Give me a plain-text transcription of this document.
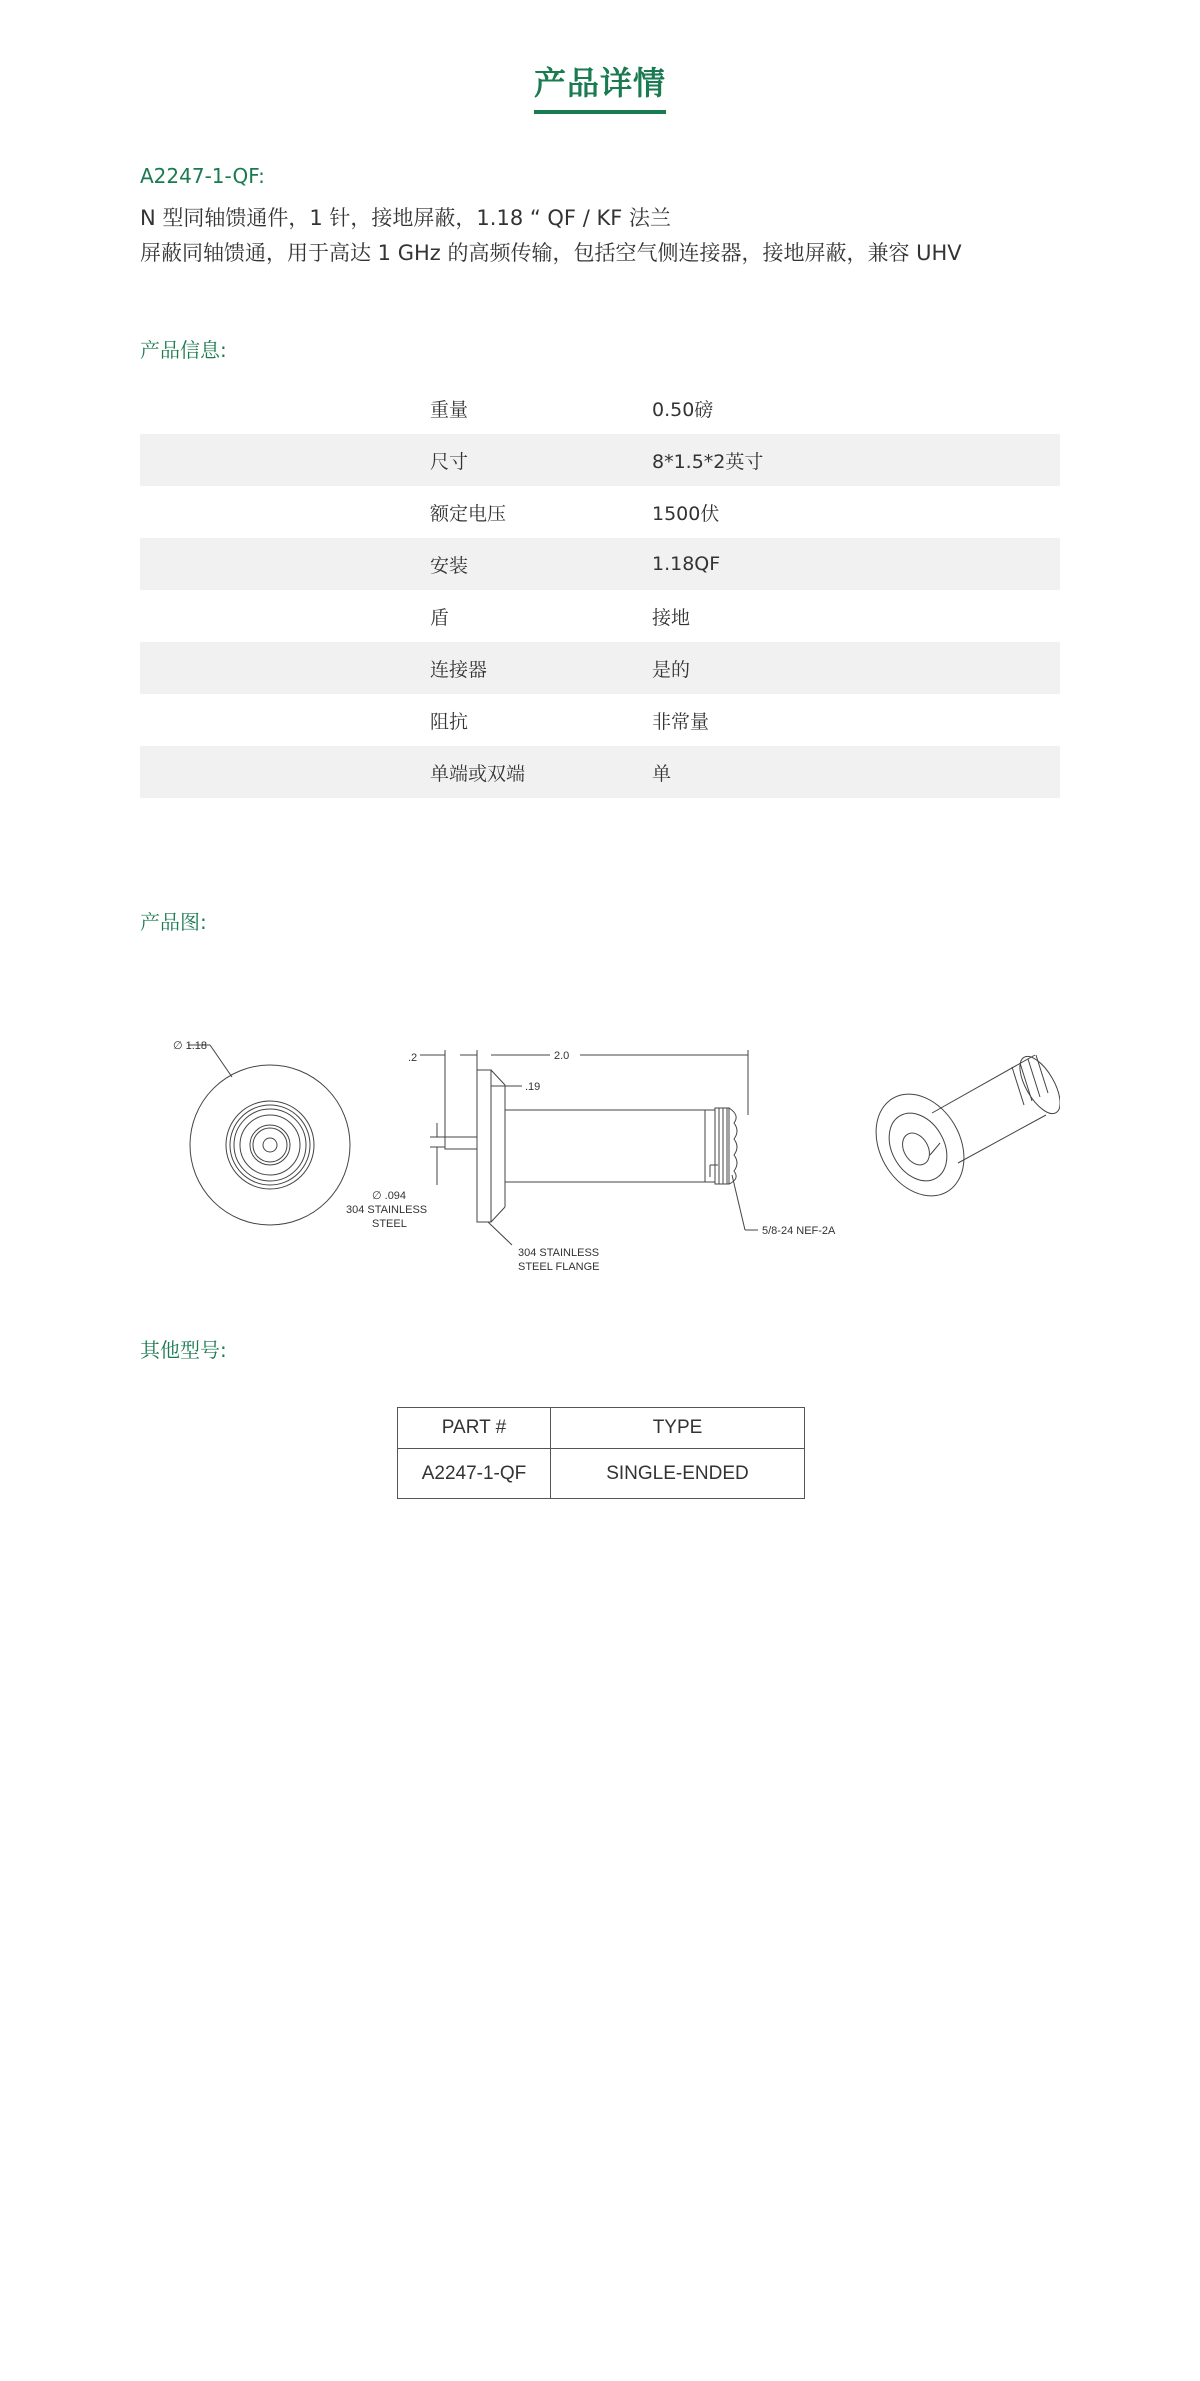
产品详情
A2247-1-QF:
N 型同轴馈通件，1 针，接地屏蔽，1.18 “ QF / KF 法兰
屏蔽同轴馈通，用于高达 1 GHz 的高频传输，包括空气侧连接器，接地屏蔽，兼容 UHV
产品信息:
重量	0.50磅
尺寸	8*1.5*2英寸
额定电压	1500伏
安装	1.18QF
盾	接地
连接器	是的
阻抗	非常量
单端或双端	单
产品图:
∅ 1.18
.2	2.0
.19
∅ .094
304 STAINLESS
STEEL
304 STAINLESS
STEEL FLANGE
5/8-24 NEF-2A
其他型号:
PART #	TYPE
A2247-1-QF	SINGLE-ENDED
